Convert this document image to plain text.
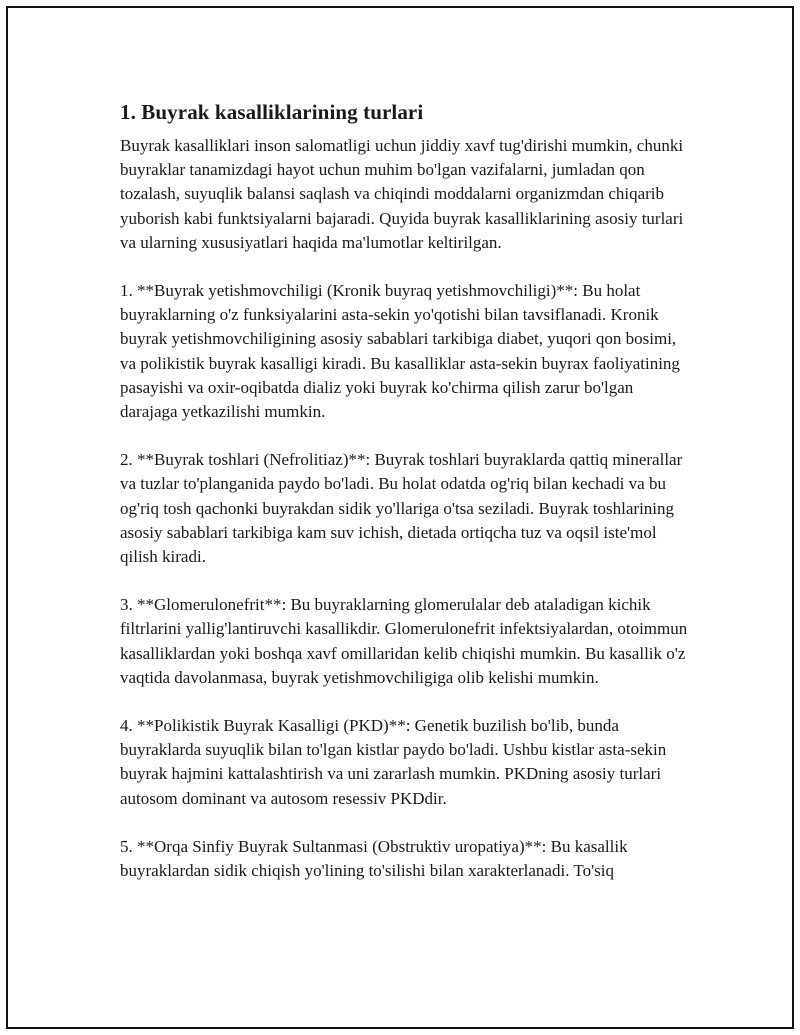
1. Buyrak kasalliklarining turlari

Buyrak kasalliklari inson salomatligi uchun jiddiy xavf tug'dirishi mumkin, chunki buyraklar tanamizdagi hayot uchun muhim bo'lgan vazifalarni, jumladan qon tozalash, suyuqlik balansi saqlash va chiqindi moddalarni organizmdan chiqarib yuborish kabi funktsiyalarni bajaradi. Quyida buyrak kasalliklarining asosiy turlari va ularning xususiyatlari haqida ma'lumotlar keltirilgan.

1. **Buyrak yetishmovchiligi (Kronik buyraq yetishmovchiligi)**: Bu holat buyraklarning o'z funksiyalarini asta-sekin yo'qotishi bilan tavsiflanadi. Kronik buyrak yetishmovchiligining asosiy sabablari tarkibiga diabet, yuqori qon bosimi, va polikistik buyrak kasalligi kiradi. Bu kasalliklar asta-sekin buyrax faoliyatining pasayishi va oxir-oqibatda dializ yoki buyrak ko'chirma qilish zarur bo'lgan darajaga yetkazilishi mumkin.

2. **Buyrak toshlari (Nefrolitiaz)**: Buyrak toshlari buyraklarda qattiq minerallar va tuzlar to'planganida paydo bo'ladi. Bu holat odatda og'riq bilan kechadi va bu og'riq tosh qachonki buyrakdan sidik yo'llariga o'tsa seziladi. Buyrak toshlarining asosiy sabablari tarkibiga kam suv ichish, dietada ortiqcha tuz va oqsil iste'mol qilish kiradi.

3. **Glomerulonefrit**: Bu buyraklarning glomerulalar deb ataladigan kichik filtrlarini yallig'lantiruvchi kasallikdir. Glomerulonefrit infektsiyalardan, otoimmun kasalliklardan yoki boshqa xavf omillaridan kelib chiqishi mumkin. Bu kasallik o'z vaqtida davolanmasa, buyrak yetishmovchiligiga olib kelishi mumkin.

4. **Polikistik Buyrak Kasalligi (PKD)**: Genetik buzilish bo'lib, bunda buyraklarda suyuqlik bilan to'lgan kistlar paydo bo'ladi. Ushbu kistlar asta-sekin buyrak hajmini kattalashtirish va uni zararlash mumkin. PKDning asosiy turlari autosom dominant va autosom resessiv PKDdir.

5. **Orqa Sinfiy Buyrak Sultanmasi (Obstruktiv uropatiya)**: Bu kasallik buyraklardan sidik chiqish yo'lining to'silishi bilan xarakterlanadi. To'siq
